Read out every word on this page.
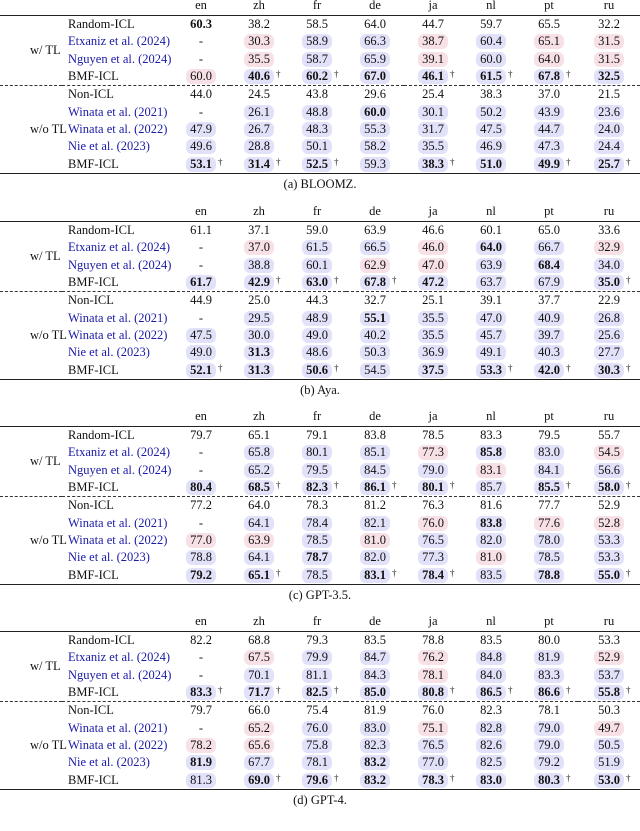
		en	zh	fr	de	ja	nl	pt	ru
w/ TL	Random-ICL	60.3	38.2	58.5	64.0	44.7	59.7	65.5	32.2
	Etxaniz et al. (2024)	-	30.3	58.9	66.3	38.7	60.4	65.1	31.5
	Nguyen et al. (2024)	-	35.5	58.7	65.9	39.1	60.0	64.0	31.5
	BMF-ICL	60.0	40.6 †	60.2 †	67.0	46.1 †	61.5 †	67.8 †	32.5
w/o TL	Non-ICL	44.0	24.5	43.8	29.6	25.4	38.3	37.0	21.5
	Winata et al. (2021)	-	26.1	48.8	60.0	30.1	50.2	43.9	23.6
	Winata et al. (2022)	47.9	26.7	48.3	55.3	31.7	47.5	44.7	24.0
	Nie et al. (2023)	49.6	28.8	50.1	58.2	35.5	46.9	47.3	24.4
	BMF-ICL	53.1 †	31.4 †	52.5 †	59.3	38.3 †	51.0	49.9 †	25.7 †
(a) BLOOMZ.
		en	zh	fr	de	ja	nl	pt	ru
w/ TL	Random-ICL	61.1	37.1	59.0	63.9	46.6	60.1	65.0	33.6
	Etxaniz et al. (2024)	-	37.0	61.5	66.5	46.0	64.0	66.7	32.9
	Nguyen et al. (2024)	-	38.8	60.1	62.9	47.0	63.9	68.4	34.0
	BMF-ICL	61.7	42.9 †	63.0 †	67.8 †	47.2	63.7	67.9	35.0 †

w/o TL	Non-ICL	44.9	25.0	44.3	32.7	25.1	39.1	37.7	22.9
	Winata et al. (2021)	-	29.5	48.9	55.1	35.5	47.0	40.9	26.8
	Winata et al. (2022)	47.5	30.0	49.0	40.2	35.5	45.7	39.7	25.6
	Nie et al. (2023)	49.0	31.3	48.6	50.3	36.9	49.1	40.3	27.7
	BMF-ICL	52.1 †	31.3	50.6 †	54.5	37.5	53.3 †	42.0 †	30.3 †
(b) Aya.
		en	zh	fr	de	ja	nl	pt	ru
w/ TL	Random-ICL	79.7	65.1	79.1	83.8	78.5	83.3	79.5	55.7
	Etxaniz et al. (2024)	-	65.8	80.1	85.1	77.3	85.8	83.0	54.5
	Nguyen et al. (2024)	-	65.2	79.5	84.5	79.0	83.1	84.1	56.6
	BMF-ICL	80.4	68.5 †	82.3 †	86.1 †	80.1 †	85.7	85.5 †	58.0 †

w/o TL	Non-ICL	77.2	64.0	78.3	81.2	76.3	81.6	77.7	52.9
	Winata et al. (2021)	-	64.1	78.4	82.1	76.0	83.8	77.6	52.8
	Winata et al. (2022)	77.0	63.9	78.5	81.0	76.5	82.0	78.0	53.3
	Nie et al. (2023)	78.8	64.1	78.7	82.0	77.3	81.0	78.5	53.3
	BMF-ICL	79.2	65.1 †	78.5	83.1 †	78.4 †	83.5	78.8	55.0 †
(c) GPT-3.5.
		en	zh	fr	de	ja	nl	pt	ru
w/ TL	Random-ICL	82.2	68.8	79.3	83.5	78.8	83.5	80.0	53.3
	Etxaniz et al. (2024)	-	67.5	79.9	84.7	76.2	84.8	81.9	52.9
	Nguyen et al. (2024)	-	70.1	81.1	84.3	78.1	84.0	83.3	53.7
	BMF-ICL	83.3 †	71.7 †	82.5 †	85.0	80.8 †	86.5 †	86.6 †	55.8 †

w/o TL	Non-ICL	79.7	66.0	75.4	81.9	76.0	82.3	78.1	50.3
	Winata et al. (2021)	-	65.2	76.0	83.0	75.1	82.8	79.0	49.7
	Winata et al. (2022)	78.2	65.6	75.8	82.3	76.5	82.6	79.0	50.5
	Nie et al. (2023)	81.9	67.7	78.1	83.2	77.0	82.5	79.2	51.9
	BMF-ICL	81.3	69.0 †	79.6 †	83.2	78.3 †	83.0	80.3 †	53.0 †
(d) GPT-4.
